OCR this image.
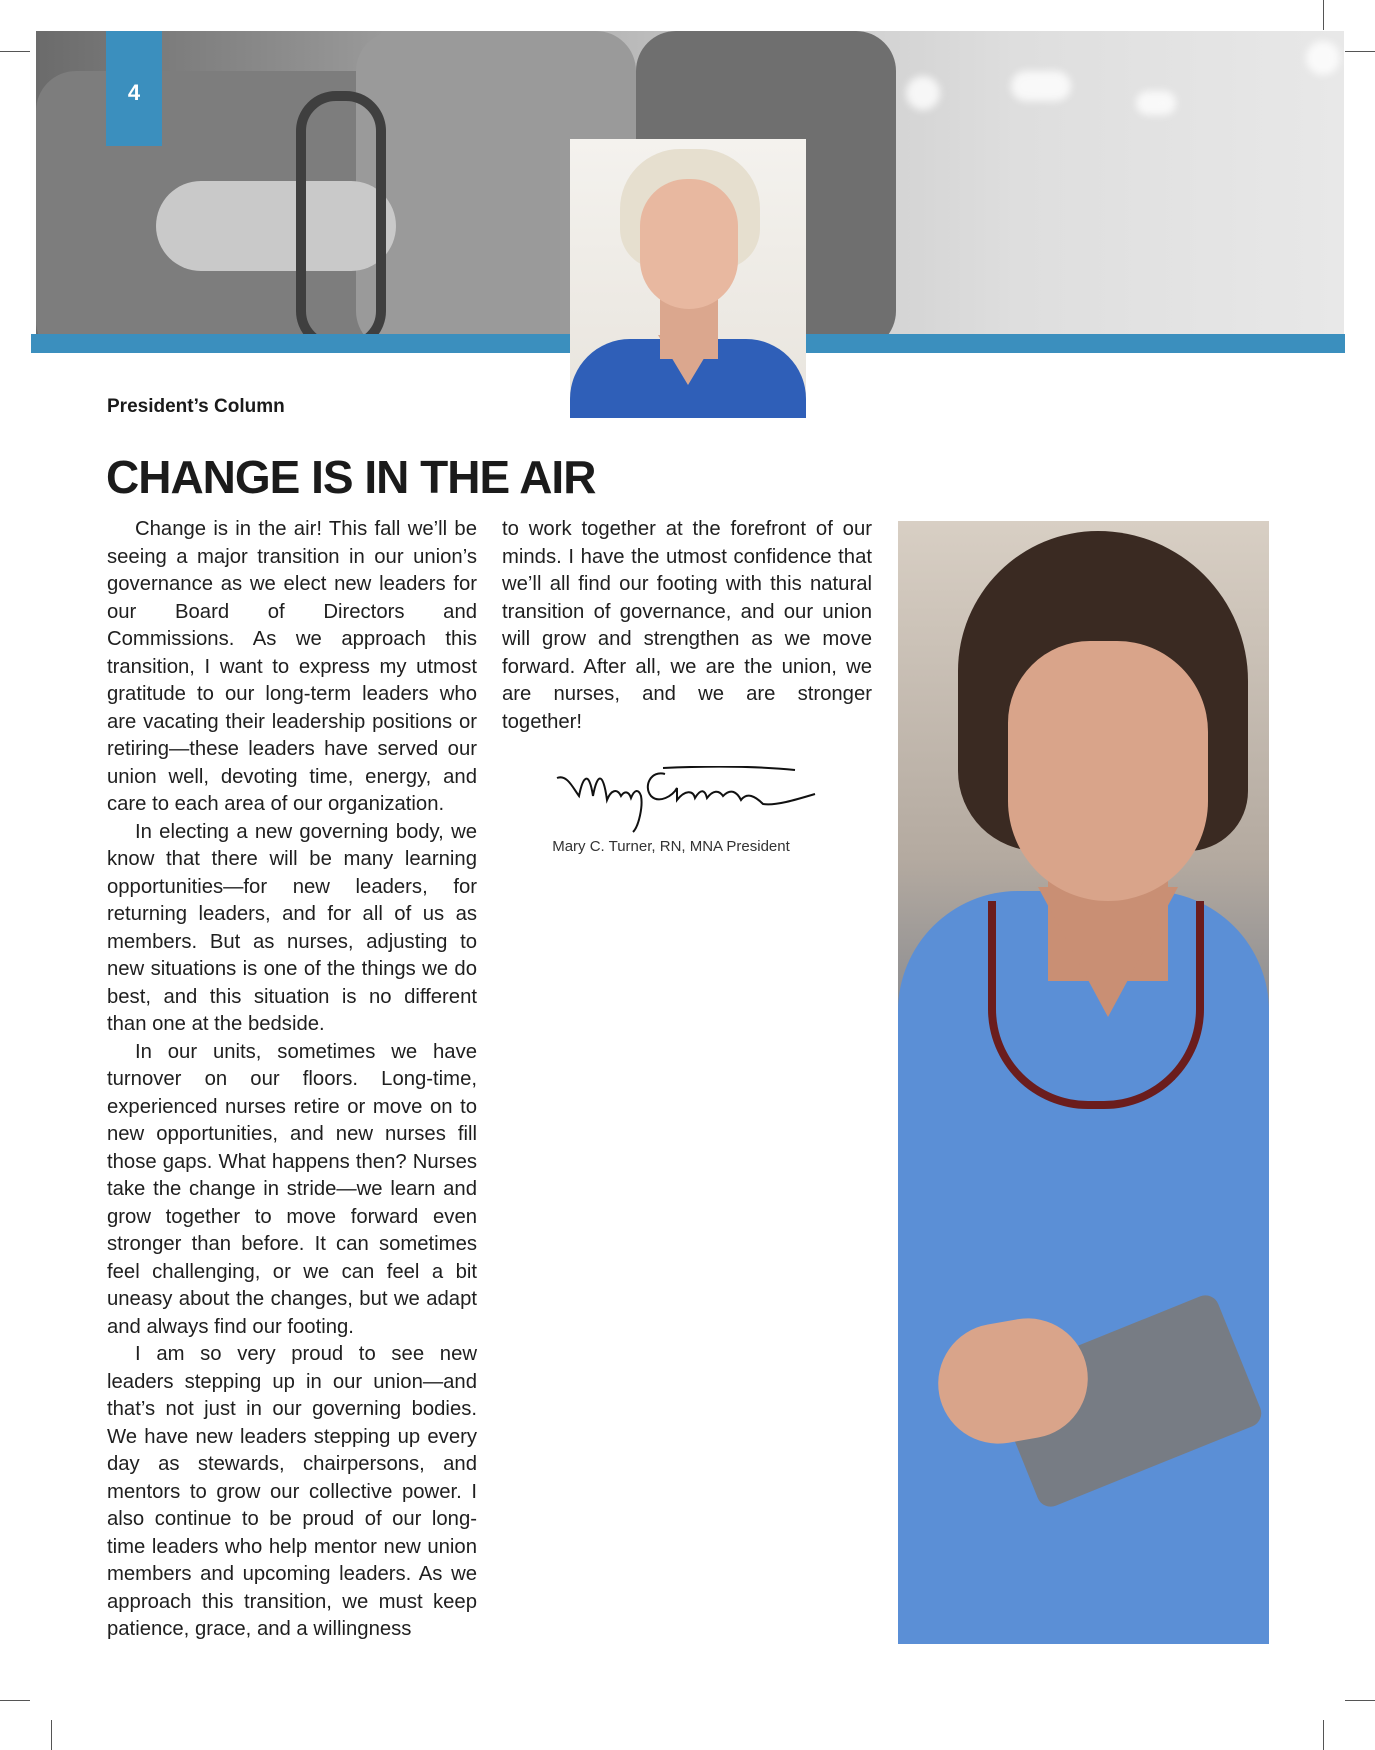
4
President’s Column
CHANGE IS IN THE AIR

Change is in the air! This fall we’ll be seeing a major transition in our union’s governance as we elect new leaders for our Board of Directors and Commissions. As we approach this transition, I want to express my utmost gratitude to our long-term leaders who are vacating their leadership positions or retiring—these leaders have served our union well, devoting time, energy, and care to each area of our organization.

In electing a new governing body, we know that there will be many learning opportunities—for new leaders, for returning leaders, and for all of us as members. But as nurses, adjusting to new situations is one of the things we do best, and this situation is no different than one at the bedside.

In our units, sometimes we have turnover on our floors. Long-time, experienced nurses retire or move on to new opportunities, and new nurses fill those gaps. What happens then? Nurses take the change in stride—we learn and grow together to move forward even stronger than before. It can sometimes feel challenging, or we can feel a bit uneasy about the changes, but we adapt and always find our footing.

I am so very proud to see new leaders stepping up in our union—and that’s not just in our governing bodies. We have new leaders stepping up every day as stewards, chairpersons, and mentors to grow our collective power. I also continue to be proud of our long-time leaders who help mentor new union members and upcoming leaders. As we approach this transition, we must keep patience, grace, and a willingness

to work together at the forefront of our minds. I have the utmost confidence that we’ll all find our footing with this natural transition of governance, and our union will grow and strengthen as we move forward. After all, we are the union, we are nurses, and we are stronger together!

Mary C. Turner, RN, MNA President
